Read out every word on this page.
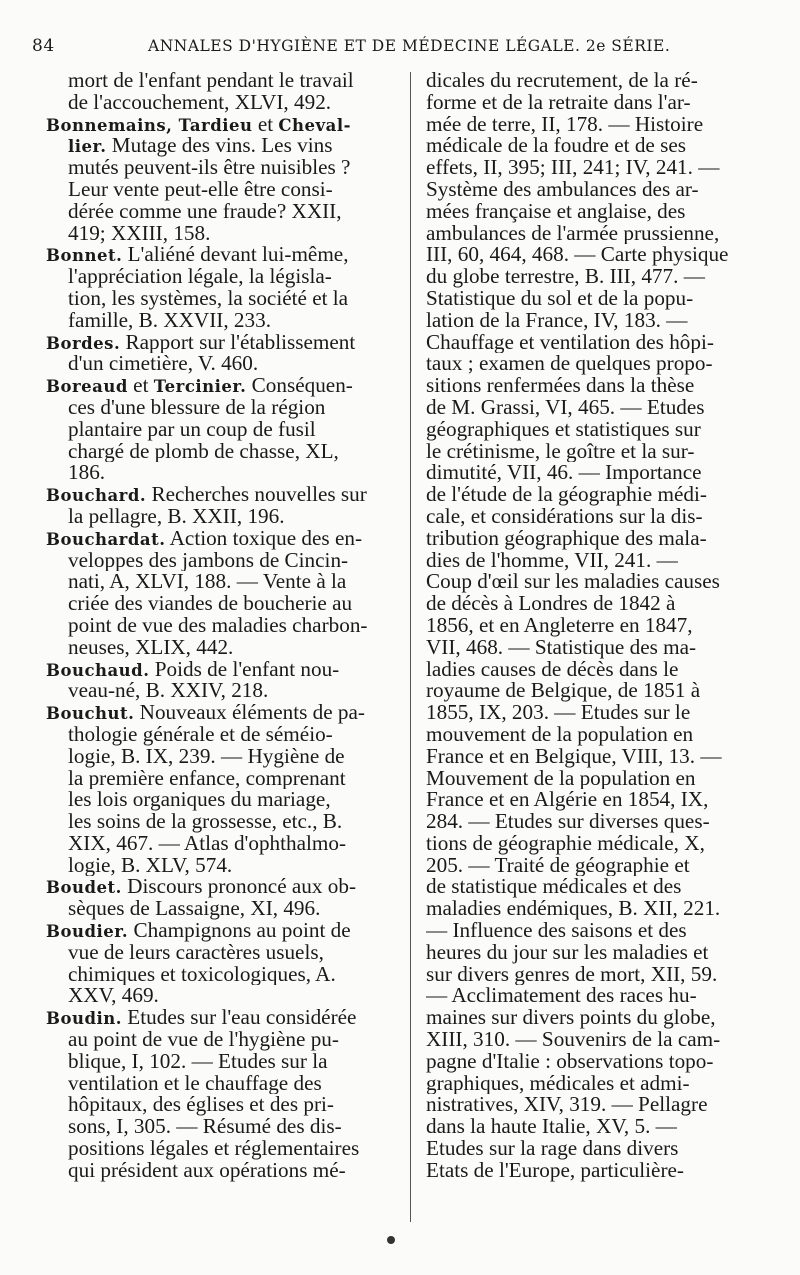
84	ANNALES D'HYGIÈNE ET DE MÉDECINE LÉGALE. 2e SÉRIE.
mort de l'enfant pendant le travail
de l'accouchement, XLVI, 492.
Bonnemains, Tardieu et Cheval-
lier. Mutage des vins. Les vins
mutés peuvent-ils être nuisibles ?
Leur vente peut-elle être consi-
dérée comme une fraude? XXII,
419; XXIII, 158.
Bonnet. L'aliéné devant lui-même,
l'appréciation légale, la législa-
tion, les systèmes, la société et la
famille, B. XXVII, 233.
Bordes. Rapport sur l'établissement
d'un cimetière, V. 460.
Boreaud et Tercinier. Conséquen-
ces d'une blessure de la région
plantaire par un coup de fusil
chargé de plomb de chasse, XL,
186.
Bouchard. Recherches nouvelles sur
la pellagre, B. XXII, 196.
Bouchardat. Action toxique des en-
veloppes des jambons de Cincin-
nati, A, XLVI, 188. — Vente à la
criée des viandes de boucherie au
point de vue des maladies charbon-
neuses, XLIX, 442.
Bouchaud. Poids de l'enfant nou-
veau-né, B. XXIV, 218.
Bouchut. Nouveaux éléments de pa-
thologie générale et de séméio-
logie, B. IX, 239. — Hygiène de
la première enfance, comprenant
les lois organiques du mariage,
les soins de la grossesse, etc., B.
XIX, 467. — Atlas d'ophthalmo-
logie, B. XLV, 574.
Boudet. Discours prononcé aux ob-
sèques de Lassaigne, XI, 496.
Boudier. Champignons au point de
vue de leurs caractères usuels,
chimiques et toxicologiques, A.
XXV, 469.
Boudin. Etudes sur l'eau considérée
au point de vue de l'hygiène pu-
blique, I, 102. — Etudes sur la
ventilation et le chauffage des
hôpitaux, des églises et des pri-
sons, I, 305. — Résumé des dis-
positions légales et réglementaires
qui président aux opérations mé-
dicales du recrutement, de la ré-
forme et de la retraite dans l'ar-
mée de terre, II, 178. — Histoire
médicale de la foudre et de ses
effets, II, 395; III, 241; IV, 241. —
Système des ambulances des ar-
mées française et anglaise, des
ambulances de l'armée prussienne,
III, 60, 464, 468. — Carte physique
du globe terrestre, B. III, 477. —
Statistique du sol et de la popu-
lation de la France, IV, 183. —
Chauffage et ventilation des hôpi-
taux ; examen de quelques propo-
sitions renfermées dans la thèse
de M. Grassi, VI, 465. — Etudes
géographiques et statistiques sur
le crétinisme, le goître et la sur-
dimutité, VII, 46. — Importance
de l'étude de la géographie médi-
cale, et considérations sur la dis-
tribution géographique des mala-
dies de l'homme, VII, 241. —
Coup d'œil sur les maladies causes
de décès à Londres de 1842 à
1856, et en Angleterre en 1847,
VII, 468. — Statistique des ma-
ladies causes de décès dans le
royaume de Belgique, de 1851 à
1855, IX, 203. — Etudes sur le
mouvement de la population en
France et en Belgique, VIII, 13. —
Mouvement de la population en
France et en Algérie en 1854, IX,
284. — Etudes sur diverses ques-
tions de géographie médicale, X,
205. — Traité de géographie et
de statistique médicales et des
maladies endémiques, B. XII, 221.
— Influence des saisons et des
heures du jour sur les maladies et
sur divers genres de mort, XII, 59.
— Acclimatement des races hu-
maines sur divers points du globe,
XIII, 310. — Souvenirs de la cam-
pagne d'Italie : observations topo-
graphiques, médicales et admi-
nistratives, XIV, 319. — Pellagre
dans la haute Italie, XV, 5. —
Etudes sur la rage dans divers
Etats de l'Europe, particulière-
